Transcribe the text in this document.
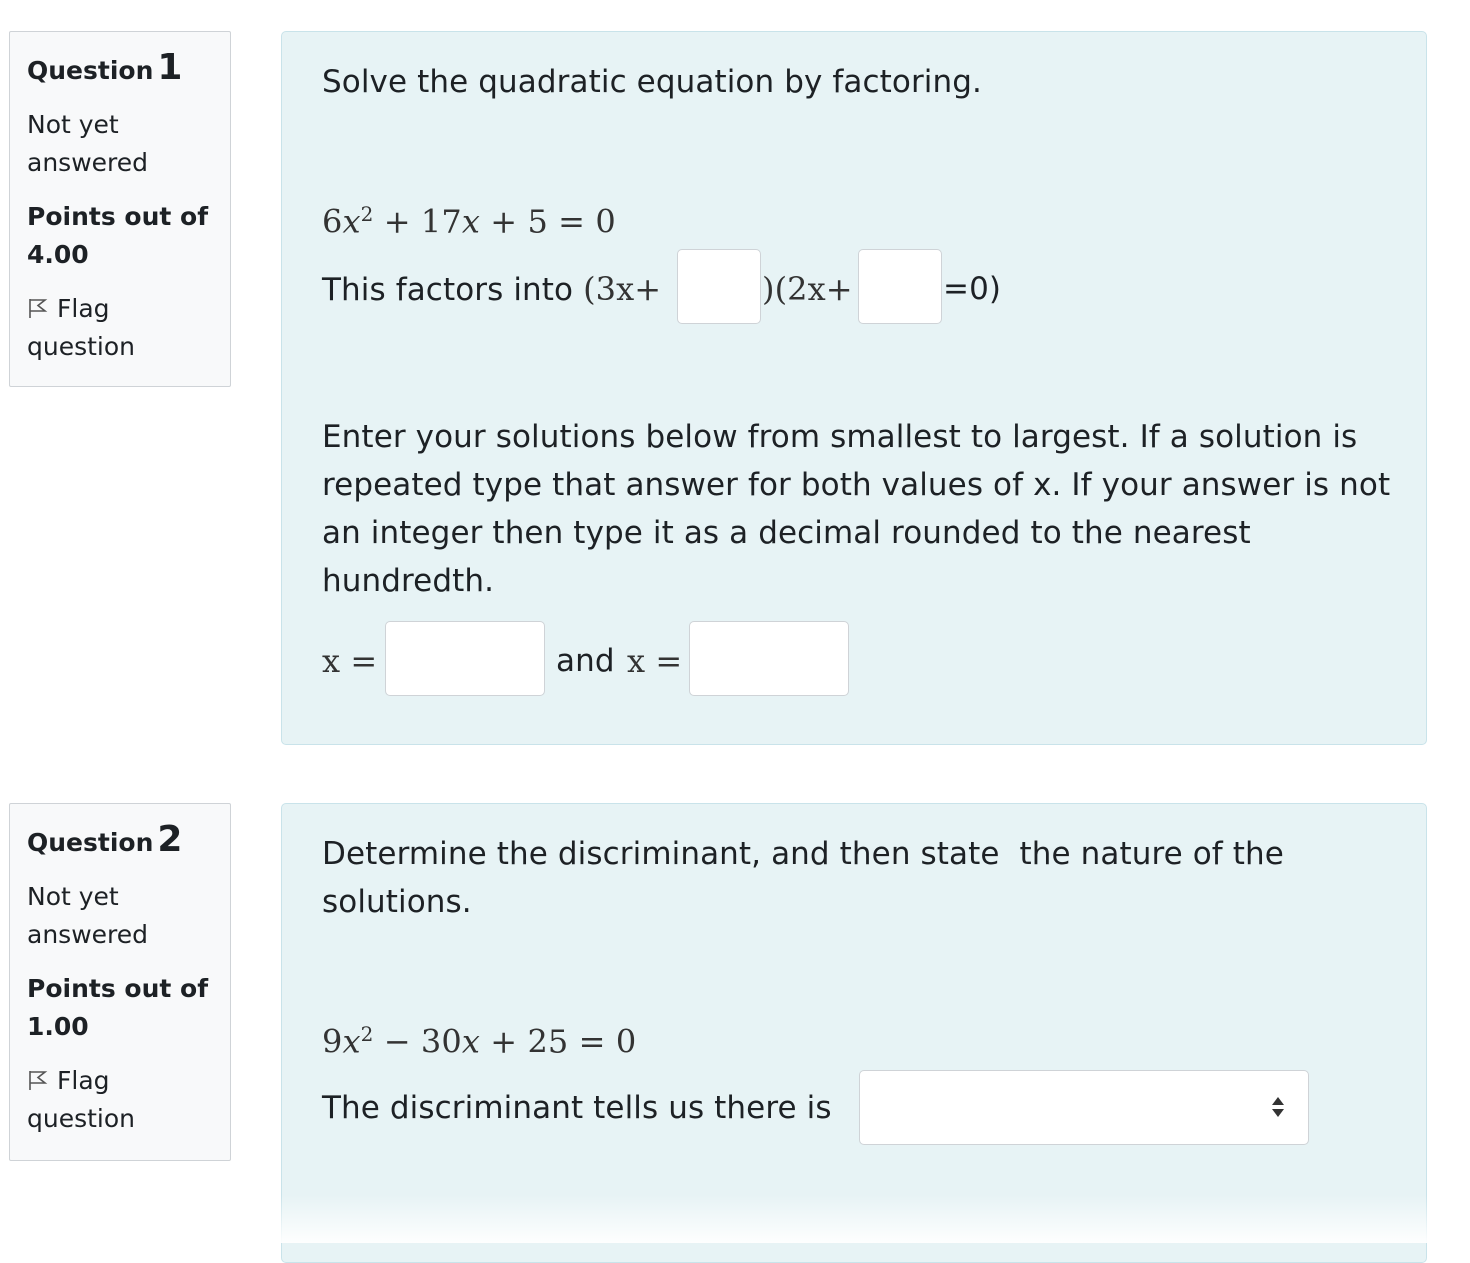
Question 1
Not yet answered
Points out of
4.00
Flag question
Solve the quadratic equation by factoring.
$6x^2 + 17x + 5 = 0$
This factors into (3x+	)(2x+	=0)
Enter your solutions below from smallest to largest. If a solution is repeated type that answer for both values of x. If your answer is not an integer then type it as a decimal rounded to the nearest hundredth.
x =	and x =
Question 2
Not yet answered
Points out of
1.00
Flag question
Determine the discriminant, and then state  the nature of the solutions.
$9x^2 - 30x + 25 = 0$
The discriminant tells us there is
